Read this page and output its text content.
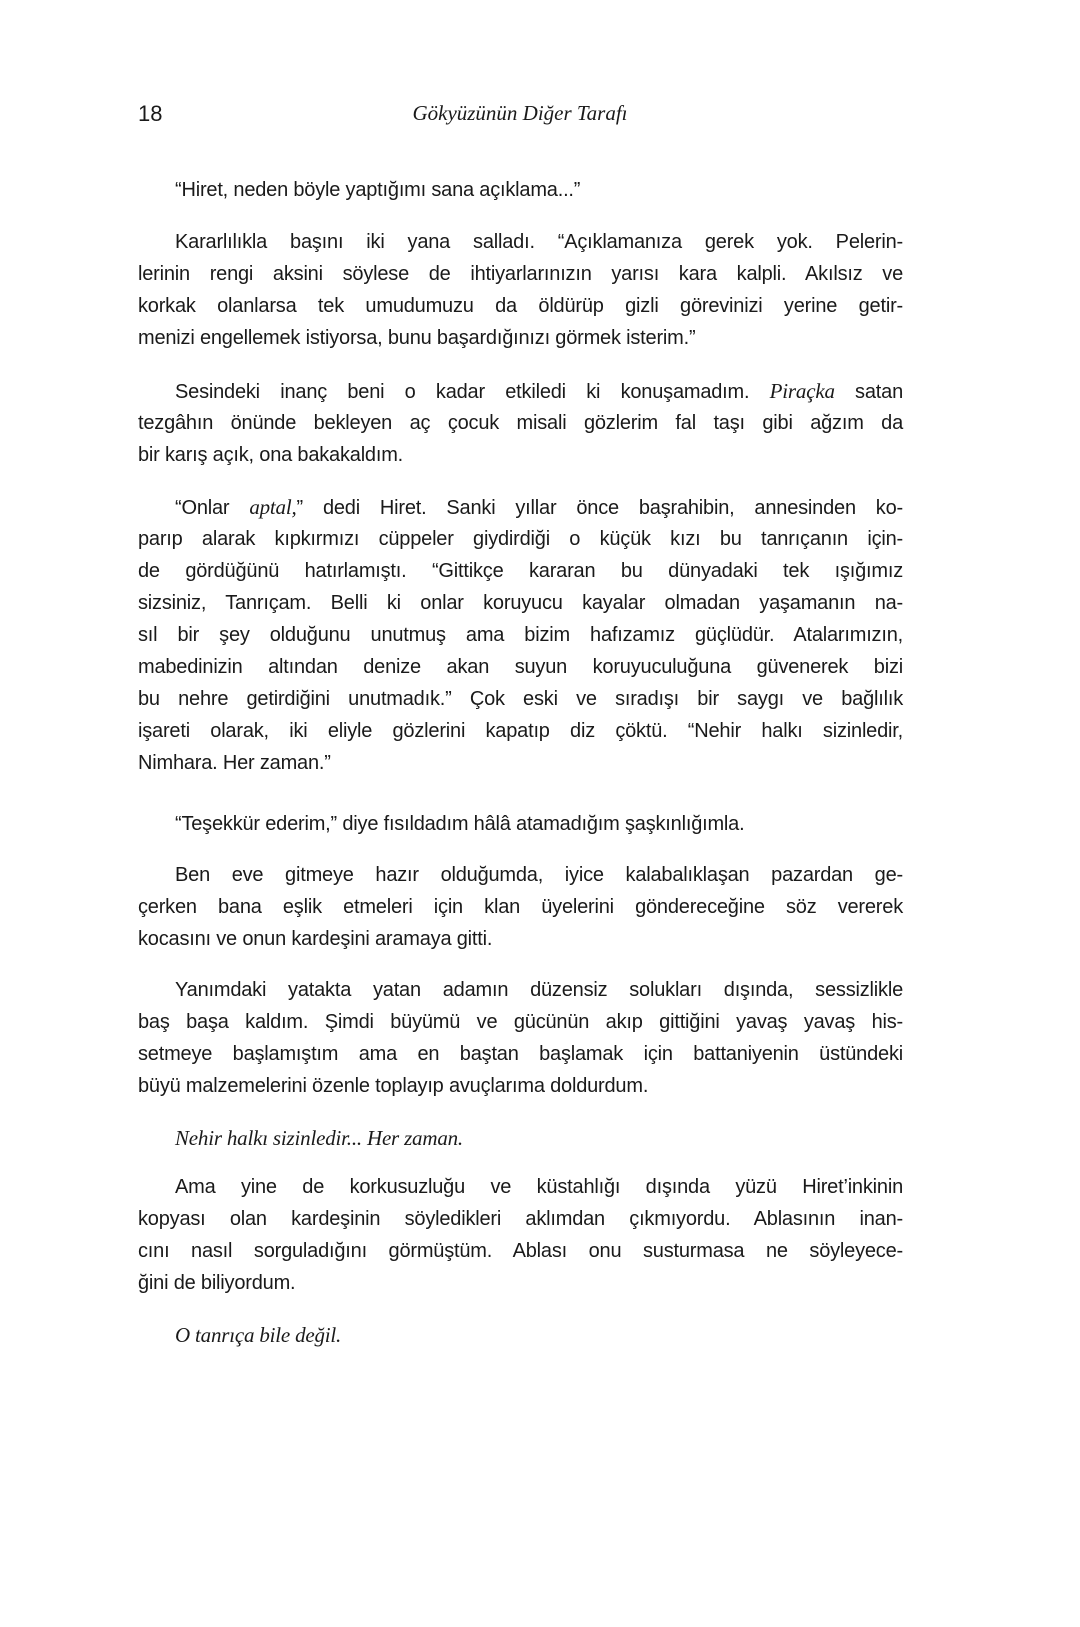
18	Gökyüzünün Diğer Tarafı
“Hiret, neden böyle yaptığımı sana açıklama...”
Kararlılıkla başını iki yana salladı. “Açıklamanıza gerek yok. Pelerin-
lerinin rengi aksini söylese de ihtiyarlarınızın yarısı kara kalpli. Akılsız ve
korkak olanlarsa tek umudumuzu da öldürüp gizli görevinizi yerine getir-
menizi engellemek istiyorsa, bunu başardığınızı görmek isterim.”
Sesindeki inanç beni o kadar etkiledi ki konuşamadım. Piraçka satan
tezgâhın önünde bekleyen aç çocuk misali gözlerim fal taşı gibi ağzım da
bir karış açık, ona bakakaldım.
“Onlar aptal,” dedi Hiret. Sanki yıllar önce başrahibin, annesinden ko-
parıp alarak kıpkırmızı cüppeler giydirdiği o küçük kızı bu tanrıçanın için-
de gördüğünü hatırlamıştı. “Gittikçe kararan bu dünyadaki tek ışığımız
sizsiniz, Tanrıçam. Belli ki onlar koruyucu kayalar olmadan yaşamanın na-
sıl bir şey olduğunu unutmuş ama bizim hafızamız güçlüdür. Atalarımızın,
mabedinizin altından denize akan suyun koruyuculuğuna güvenerek bizi
bu nehre getirdiğini unutmadık.” Çok eski ve sıradışı bir saygı ve bağlılık
işareti olarak, iki eliyle gözlerini kapatıp diz çöktü. “Nehir halkı sizinledir,
Nimhara. Her zaman.”
“Teşekkür ederim,” diye fısıldadım hâlâ atamadığım şaşkınlığımla.
Ben eve gitmeye hazır olduğumda, iyice kalabalıklaşan pazardan ge-
çerken bana eşlik etmeleri için klan üyelerini göndereceğine söz vererek
kocasını ve onun kardeşini aramaya gitti.
Yanımdaki yatakta yatan adamın düzensiz solukları dışında, sessizlikle
baş başa kaldım. Şimdi büyümü ve gücünün akıp gittiğini yavaş yavaş his-
setmeye başlamıştım ama en baştan başlamak için battaniyenin üstündeki
büyü malzemelerini özenle toplayıp avuçlarıma doldurdum.
Nehir halkı sizinledir... Her zaman.
Ama yine de korkusuzluğu ve küstahlığı dışında yüzü Hiret’inkinin
kopyası olan kardeşinin söyledikleri aklımdan çıkmıyordu. Ablasının inan-
cını nasıl sorguladığını görmüştüm. Ablası onu susturmasa ne söyleyece-
ğini de biliyordum.
O tanrıça bile değil.
